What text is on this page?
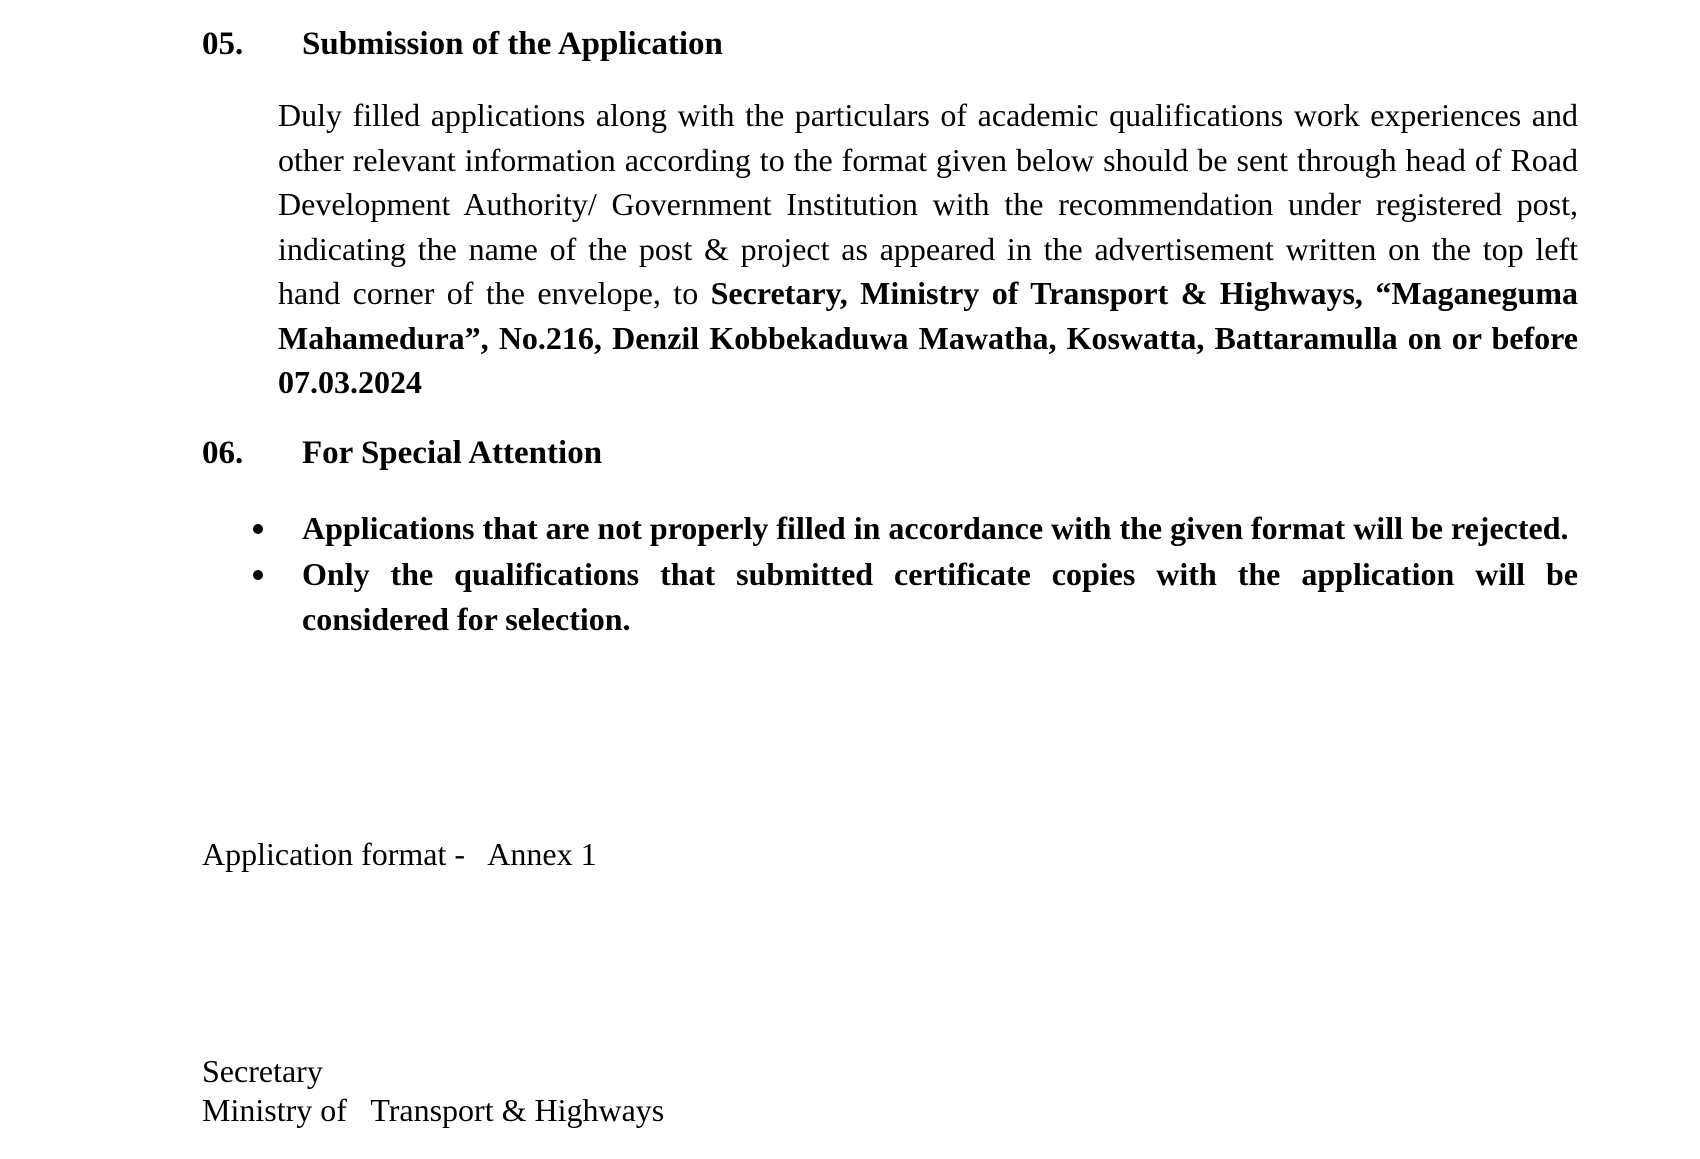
05. Submission of the Application
Duly filled applications along with the particulars of academic qualifications work experiences and other relevant information according to the format given below should be sent through head of Road Development Authority/ Government Institution with the recommendation under registered post, indicating the name of the post & project as appeared in the advertisement written on the top left hand corner of the envelope, to Secretary, Ministry of Transport & Highways, “Maganeguma Mahamedura”, No.216, Denzil Kobbekaduwa Mawatha, Koswatta, Battaramulla on or before 07.03.2024
06. For Special Attention
Applications that are not properly filled in accordance with the given format will be rejected.
Only the qualifications that submitted certificate copies with the application will be considered for selection.
Application format -   Annex 1
Secretary
Ministry of   Transport & Highways
